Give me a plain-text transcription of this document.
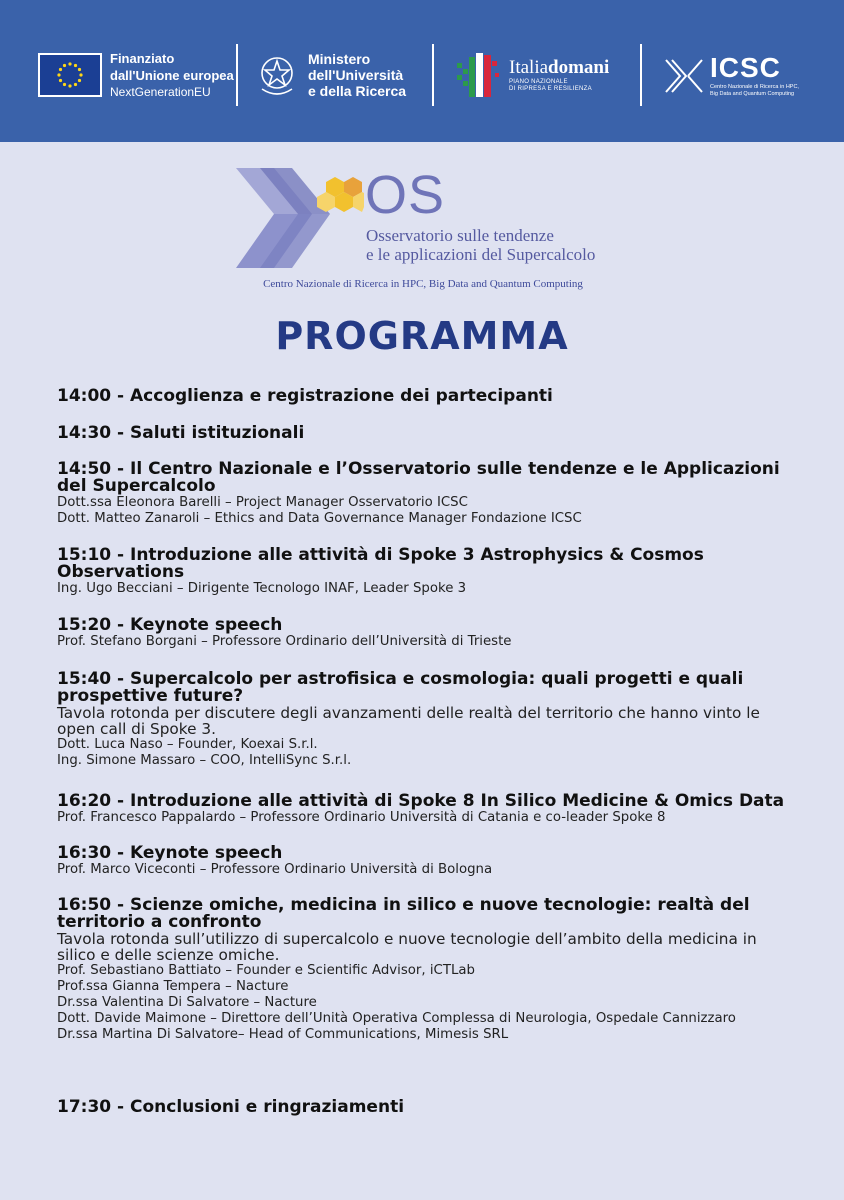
Finanziato
dall'Unione europea
NextGenerationEU
Ministero
dell'Università
e della Ricerca
Italiadomani
PIANO NAZIONALE
DI RIPRESA E RESILIENZA
ICSC
Centro Nazionale di Ricerca in HPC,
Big Data and Quantum Computing
OS
Osservatorio sulle tendenze
e le applicazioni del Supercalcolo
Centro Nazionale di Ricerca in HPC, Big Data and Quantum Computing
PROGRAMMA
14:00 - Accoglienza e registrazione dei partecipanti
14:30 - Saluti istituzionali
14:50 - Il Centro Nazionale e l’Osservatorio sulle tendenze e le Applicazioni del Supercalcolo
Dott.ssa Eleonora Barelli – Project Manager Osservatorio ICSC
Dott. Matteo Zanaroli – Ethics and Data Governance Manager Fondazione ICSC
15:10 - Introduzione alle attività di Spoke 3 Astrophysics & Cosmos Observations
Ing. Ugo Becciani – Dirigente Tecnologo INAF, Leader Spoke 3
15:20 - Keynote speech
Prof. Stefano Borgani – Professore Ordinario dell’Università di Trieste
15:40 - Supercalcolo per astrofisica e cosmologia: quali progetti e quali prospettive future?
Tavola rotonda per discutere degli avanzamenti delle realtà del territorio che hanno vinto le open call di Spoke 3.
Dott. Luca Naso – Founder, Koexai S.r.l.
Ing. Simone Massaro – COO, IntelliSync S.r.l.
16:20 - Introduzione alle attività di Spoke 8 In Silico Medicine & Omics Data
Prof. Francesco Pappalardo – Professore Ordinario Università di Catania e co-leader Spoke 8
16:30 - Keynote speech
Prof. Marco Viceconti – Professore Ordinario Università di Bologna
16:50 - Scienze omiche, medicina in silico e nuove tecnologie: realtà del territorio a confronto
Tavola rotonda sull’utilizzo di supercalcolo e nuove tecnologie dell’ambito della medicina in silico e delle scienze omiche.
Prof. Sebastiano Battiato – Founder e Scientific Advisor, iCTLab
Prof.ssa Gianna Tempera – Nacture
Dr.ssa Valentina Di Salvatore – Nacture
Dott. Davide Maimone – Direttore dell’Unità Operativa Complessa di Neurologia, Ospedale Cannizzaro
Dr.ssa Martina Di Salvatore– Head of Communications, Mimesis SRL
17:30 - Conclusioni e ringraziamenti
